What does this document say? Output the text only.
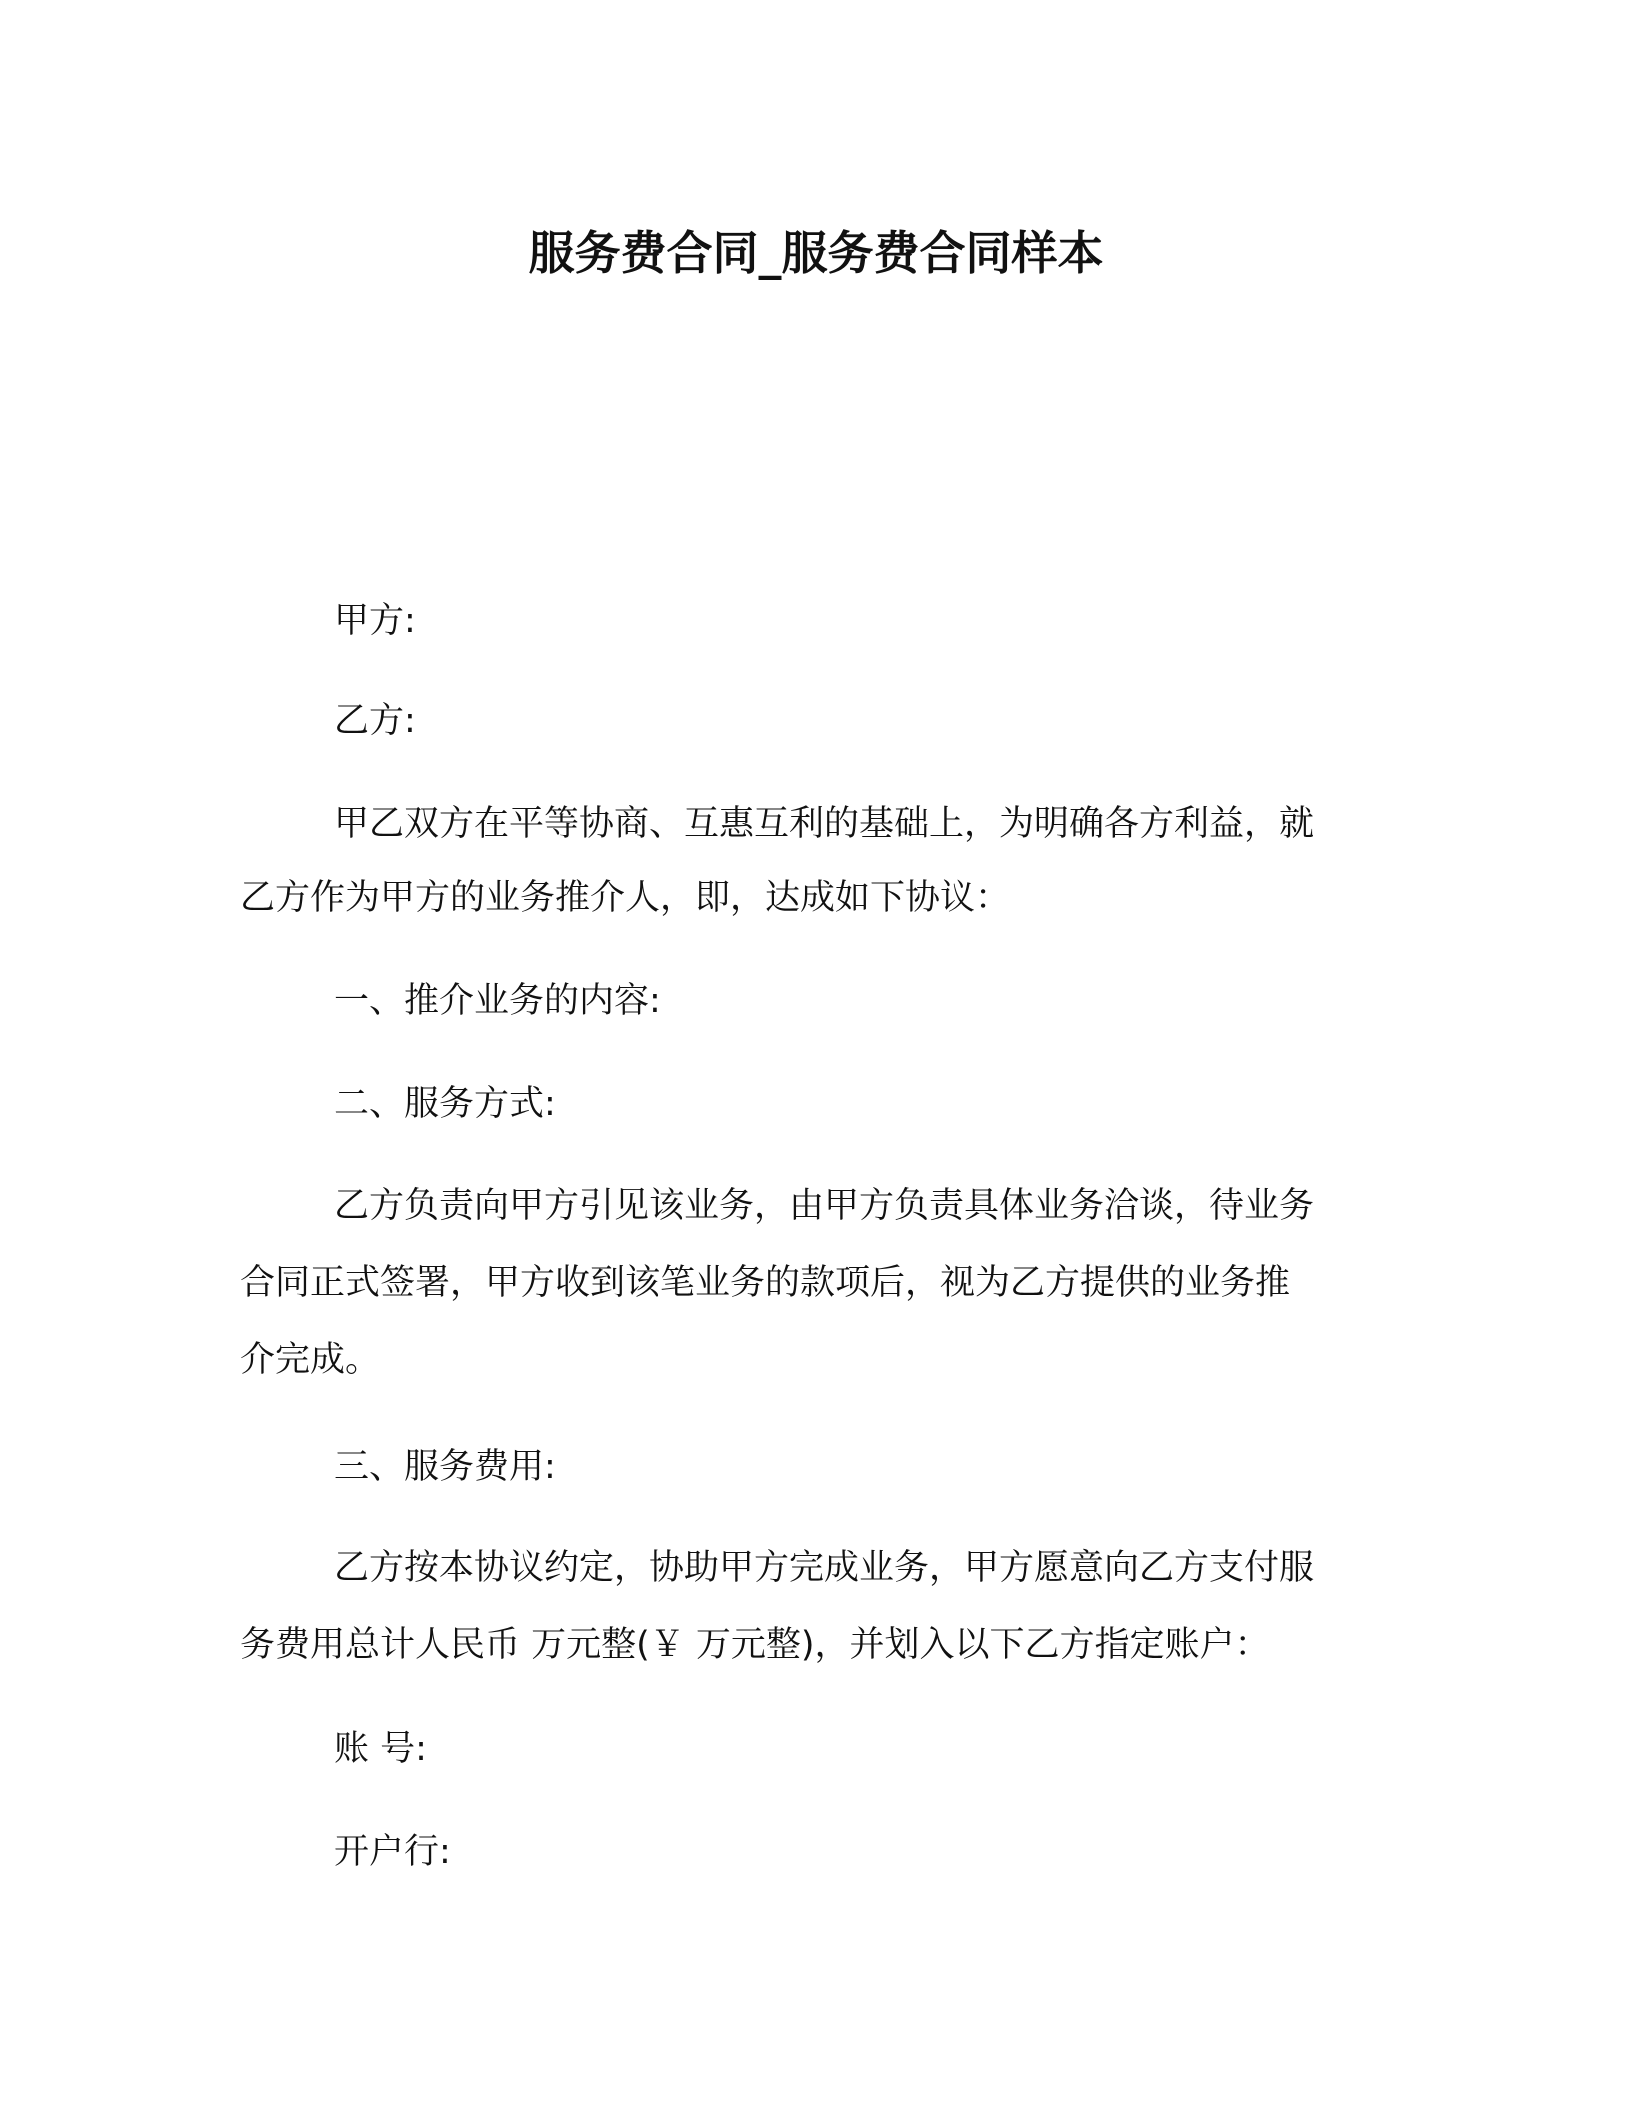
服务费合同_服务费合同样本
甲方:
乙方:
甲乙双方在平等协商、互惠互利的基础上，为明确各方利益，就
乙方作为甲方的业务推介人，即，达成如下协议：
一、推介业务的内容:
二、服务方式:
乙方负责向甲方引见该业务，由甲方负责具体业务洽谈，待业务
合同正式签署，甲方收到该笔业务的款项后，视为乙方提供的业务推
介完成。
三、服务费用:
乙方按本协议约定，协助甲方完成业务，甲方愿意向乙方支付服
务费用总计人民币 万元整(￥ 万元整)，并划入以下乙方指定账户：
账 号:
开户行:
